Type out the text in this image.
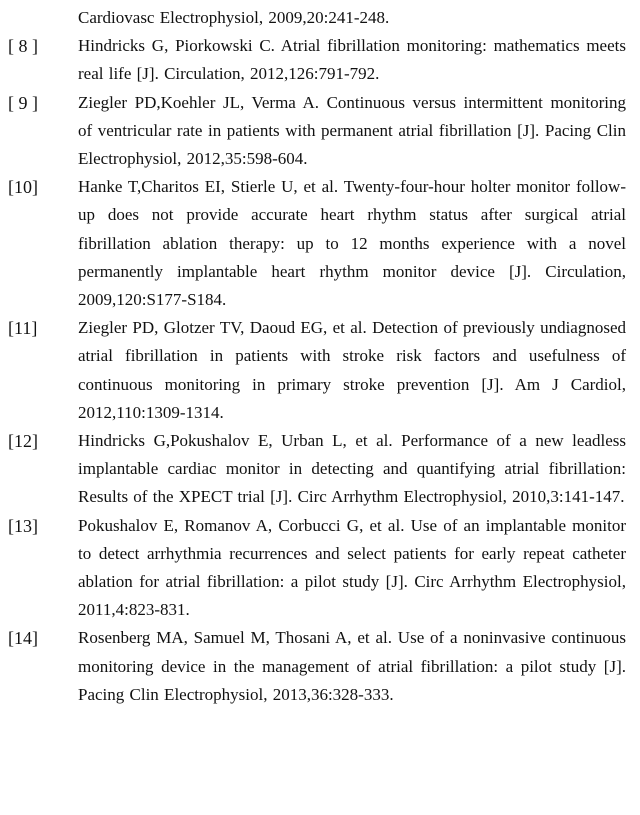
Cardiovasc Electrophysiol, 2009,20:241-248.
[ 8 ]	Hindricks G, Piorkowski C. Atrial fibrillation monitoring: mathematics meets real life [J]. Circulation, 2012,126:791-792.
[ 9 ]	Ziegler PD,Koehler JL, Verma A. Continuous versus intermittent monitoring of ventricular rate in patients with permanent atrial fibrillation [J]. Pacing Clin Electrophysiol, 2012,35:598-604.
[10]	Hanke T,Charitos EI, Stierle U, et al. Twenty-four-hour holter monitor follow-up does not provide accurate heart rhythm status after surgical atrial fibrillation ablation therapy: up to 12 months experience with a novel permanently implantable heart rhythm monitor device [J]. Circulation, 2009,120:S177-S184.
[11]	Ziegler PD, Glotzer TV, Daoud EG, et al. Detection of previously undiagnosed atrial fibrillation in patients with stroke risk factors and usefulness of continuous monitoring in primary stroke prevention [J]. Am J Cardiol, 2012,110:1309-1314.
[12]	Hindricks G,Pokushalov E, Urban L, et al. Performance of a new leadless implantable cardiac monitor in detecting and quantifying atrial fibrillation: Results of the XPECT trial [J]. Circ Arrhythm Electrophysiol, 2010,3:141-147.
[13]	Pokushalov E, Romanov A, Corbucci G, et al. Use of an implantable monitor to detect arrhythmia recurrences and select patients for early repeat catheter ablation for atrial fibrillation: a pilot study [J]. Circ Arrhythm Electrophysiol, 2011,4:823-831.
[14]	Rosenberg MA, Samuel M, Thosani A, et al. Use of a noninvasive continuous monitoring device in the management of atrial fibrillation: a pilot study [J]. Pacing Clin Electrophysiol, 2013,36:328-333.
